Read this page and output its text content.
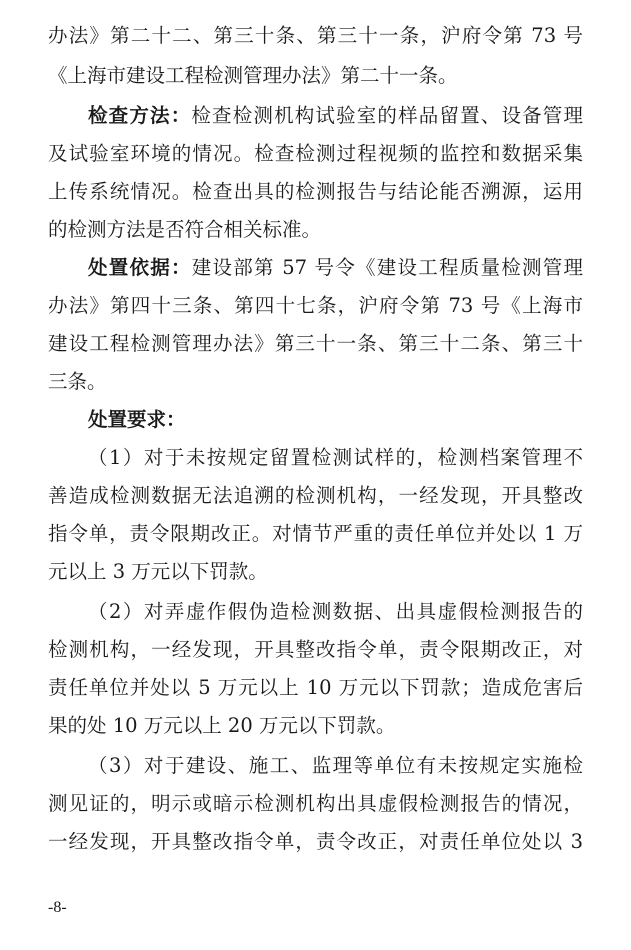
办法》第二十二、第三十条、第三十一条，沪府令第 73 号
《上海市建设工程检测管理办法》第二十一条。
检查方法：检查检测机构试验室的样品留置、设备管理
及试验室环境的情况。检查检测过程视频的监控和数据采集
上传系统情况。检查出具的检测报告与结论能否溯源，运用
的检测方法是否符合相关标准。
处置依据：建设部第 57 号令《建设工程质量检测管理
办法》第四十三条、第四十七条，沪府令第 73 号《上海市
建设工程检测管理办法》第三十一条、第三十二条、第三十
三条。
处置要求：
（1）对于未按规定留置检测试样的，检测档案管理不
善造成检测数据无法追溯的检测机构，一经发现，开具整改
指令单，责令限期改正。对情节严重的责任单位并处以 1 万
元以上 3 万元以下罚款。
（2）对弄虚作假伪造检测数据、出具虚假检测报告的
检测机构，一经发现，开具整改指令单，责令限期改正，对
责任单位并处以 5 万元以上 10 万元以下罚款；造成危害后
果的处 10 万元以上 20 万元以下罚款。
（3）对于建设、施工、监理等单位有未按规定实施检
测见证的，明示或暗示检测机构出具虚假检测报告的情况，
一经发现，开具整改指令单，责令改正，对责任单位处以 3
-8-
